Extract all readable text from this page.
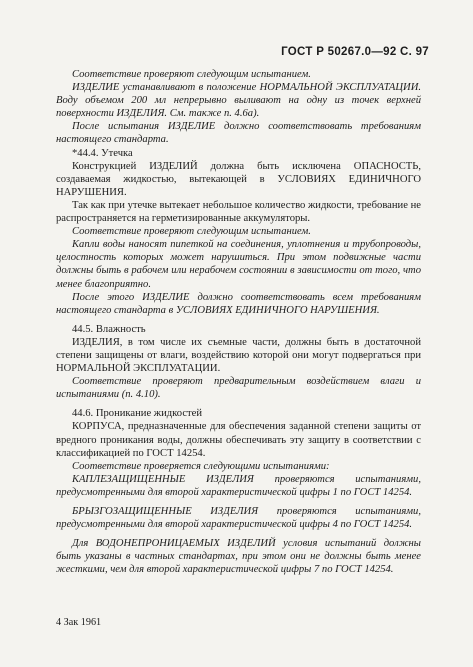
ГОСТ Р 50267.0—92 С. 97

Соответствие проверяют следующим испытанием.

ИЗДЕЛИЕ устанавливают в положение НОРМАЛЬНОЙ ЭКСПЛУАТАЦИИ. Воду объемом 200 мл непрерывно выливают на одну из точек верхней поверхности ИЗДЕЛИЯ. См. также п. 4.6а).

После испытания ИЗДЕЛИЕ должно соответствовать требованиям настоящего стандарта.

*44.4. Утечка

Конструкцией ИЗДЕЛИЙ должна быть исключена ОПАСНОСТЬ, создаваемая жидкостью, вытекающей в УСЛОВИЯХ ЕДИНИЧНОГО НАРУШЕНИЯ.

Так как при утечке вытекает небольшое количество жидкости, требование не распространяется на герметизированные аккумуляторы.

Соответствие проверяют следующим испытанием.

Капли воды наносят пипеткой на соединения, уплотнения и трубопроводы, целостность которых может нарушиться. При этом подвижные части должны быть в рабочем или нерабочем состоянии в зависимости от того, что менее благоприятно.

После этого ИЗДЕЛИЕ должно соответствовать всем требованиям настоящего стандарта в УСЛОВИЯХ ЕДИНИЧНОГО НАРУШЕНИЯ.

44.5. Влажность

ИЗДЕЛИЯ, в том числе их съемные части, должны быть в достаточной степени защищены от влаги, воздействию которой они могут подвергаться при НОРМАЛЬНОЙ ЭКСПЛУАТАЦИИ.

Соответствие проверяют предварительным воздействием влаги и испытаниями (п. 4.10).

44.6. Проникание жидкостей

КОРПУСА, предназначенные для обеспечения заданной степени защиты от вредного проникания воды, должны обеспечивать эту защиту в соответствии с классификацией по ГОСТ 14254.

Соответствие проверяется следующими испытаниями:

КАПЛЕЗАЩИЩЕННЫЕ ИЗДЕЛИЯ проверяются испытаниями, предусмотренными для второй характеристической цифры 1 по ГОСТ 14254.

БРЫЗГОЗАЩИЩЕННЫЕ ИЗДЕЛИЯ проверяются испытаниями, предусмотренными для второй характеристической цифры 4 по ГОСТ 14254.

Для ВОДОНЕПРОНИЦАЕМЫХ ИЗДЕЛИЙ условия испытаний должны быть указаны в частных стандартах, при этом они не должны быть менее жесткими, чем для второй характеристической цифры 7 по ГОСТ 14254.

4 Зак 1961
